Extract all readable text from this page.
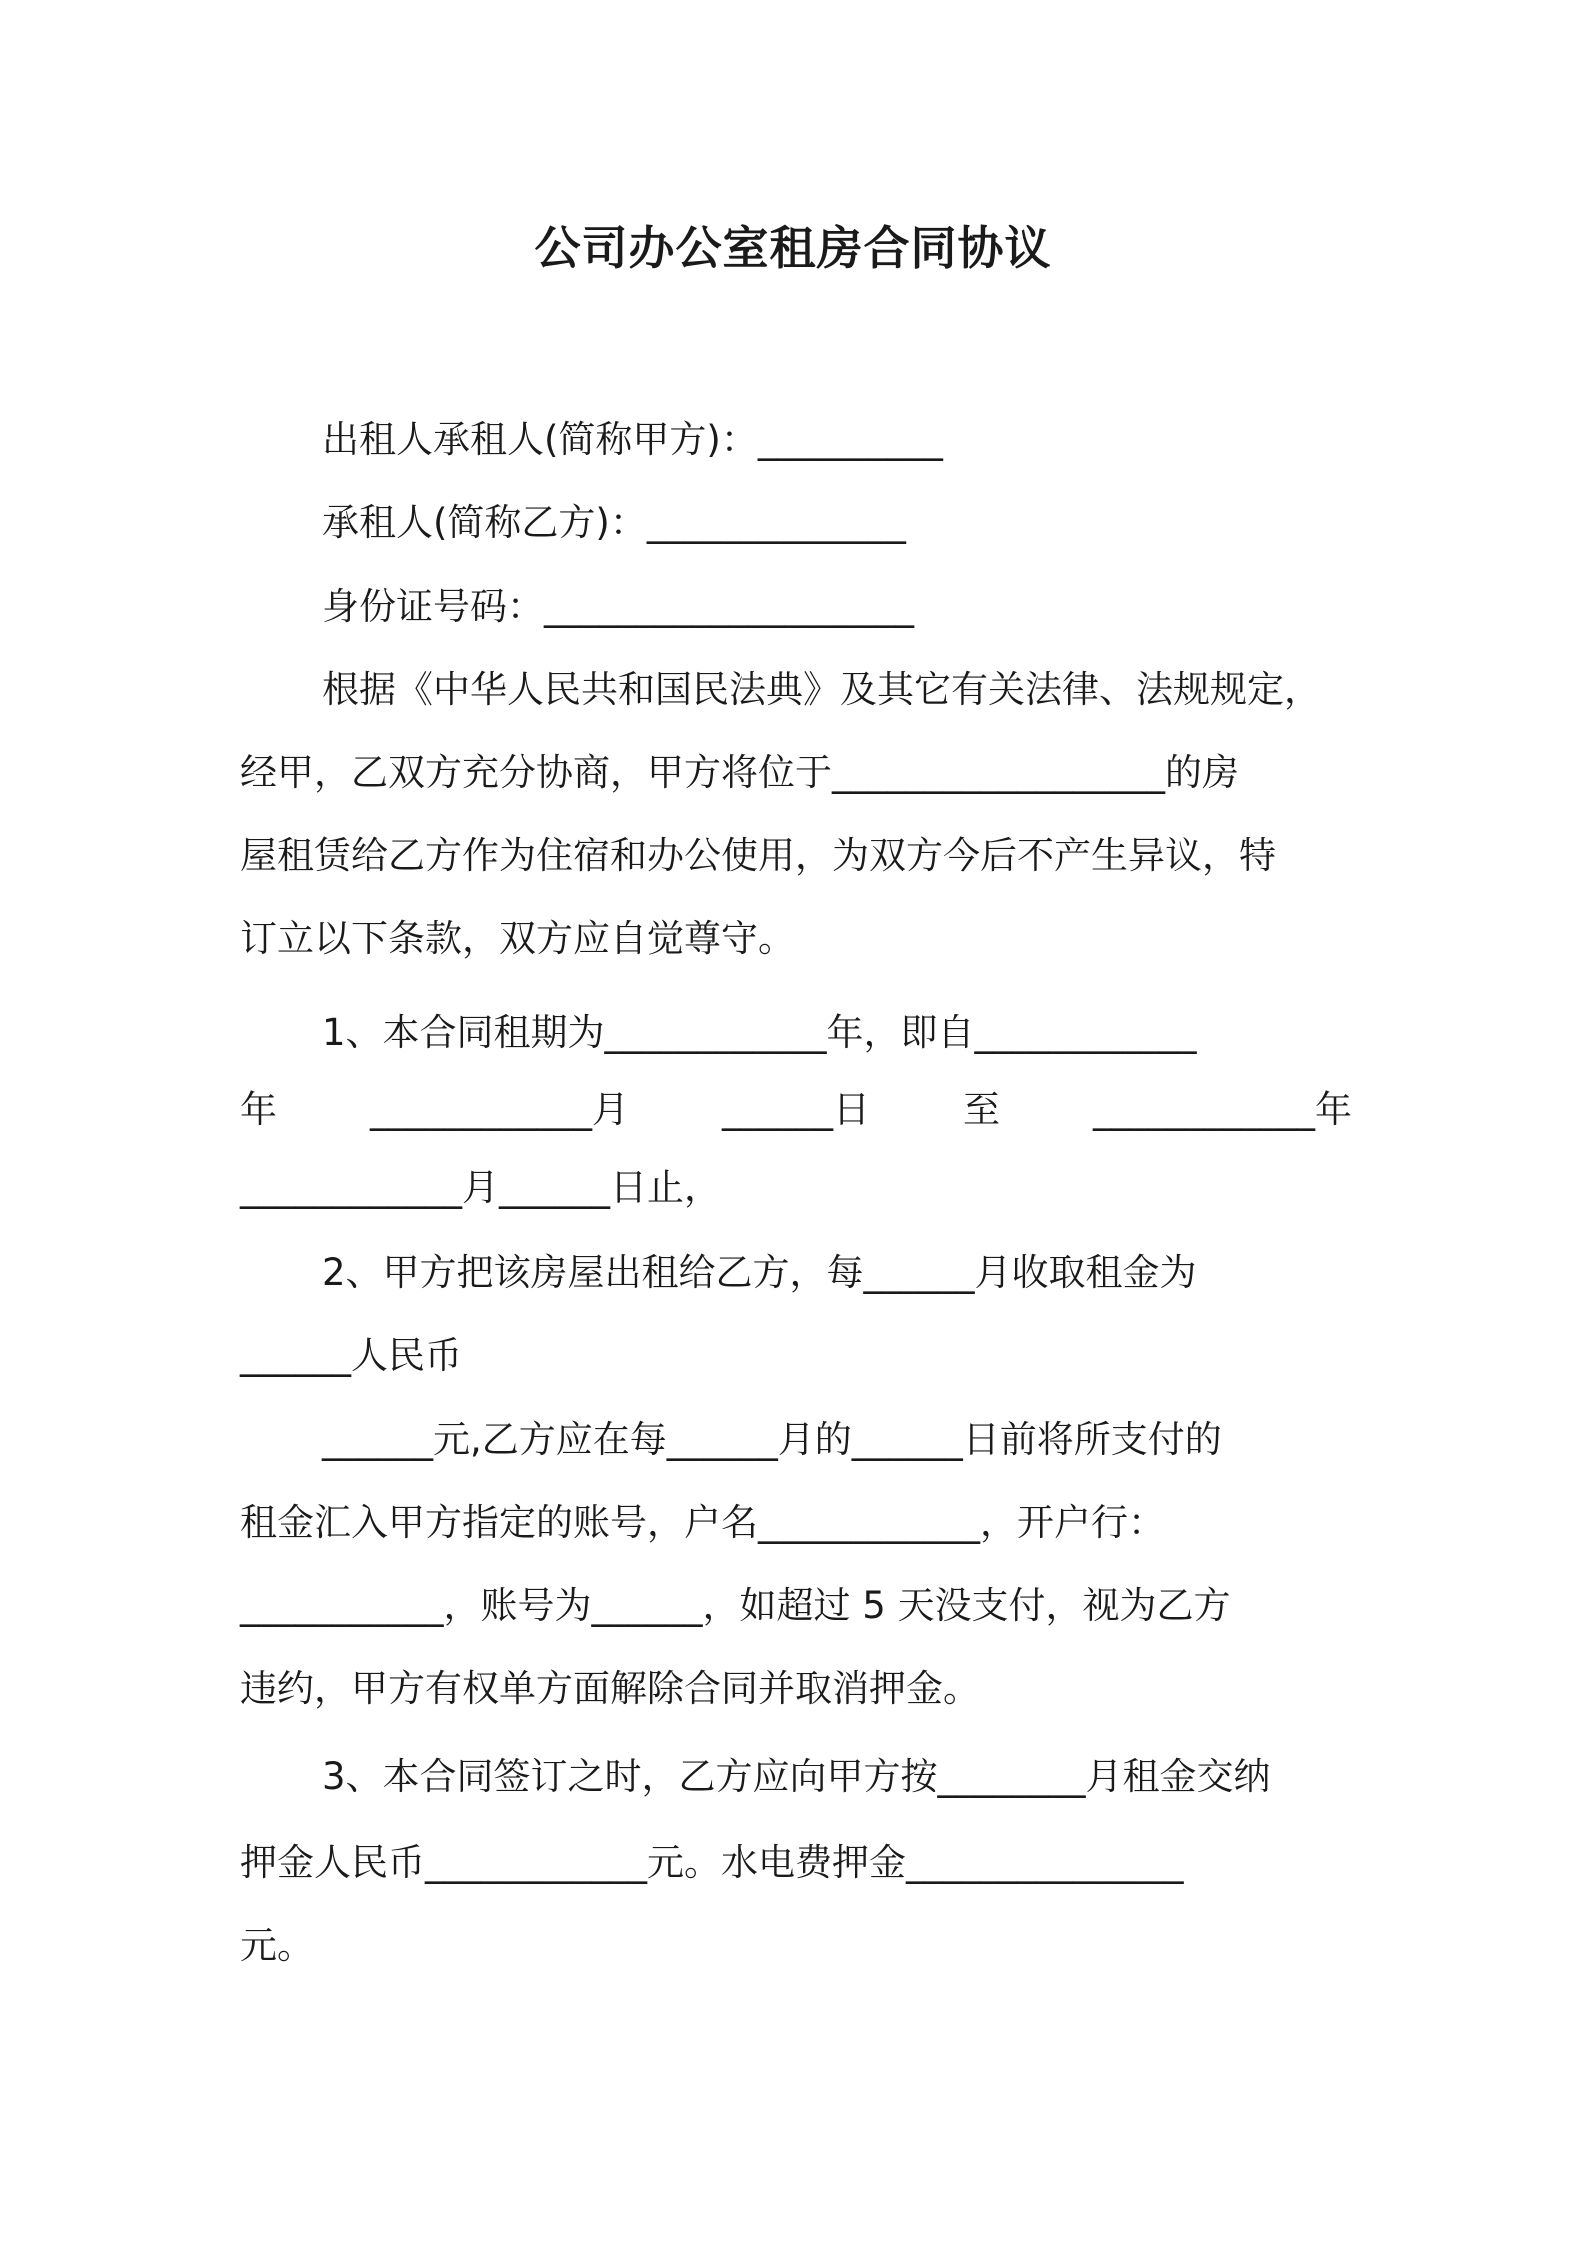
公司办公室租房合同协议
出租人承租人(简称甲方)：__________
承租人(简称乙方)：______________
身份证号码：____________________
根据《中华人民共和国民法典》及其它有关法律、法规规定，
经甲，乙双方充分协商，甲方将位于__________________的房
屋租赁给乙方作为住宿和办公使用，为双方今后不产生异议，特
订立以下条款，双方应自觉尊守。
1、本合同租期为____________年，即自____________
年	____________月	______日	至	____________年
____________月______日止，
2、甲方把该房屋出租给乙方，每______月收取租金为
______人民币
______元,乙方应在每______月的______日前将所支付的
租金汇入甲方指定的账号，户名____________，开户行：
___________，账号为______，如超过 5 天没支付，视为乙方
违约，甲方有权单方面解除合同并取消押金。
3、本合同签订之时，乙方应向甲方按________月租金交纳
押金人民币____________元。水电费押金_______________
元。
